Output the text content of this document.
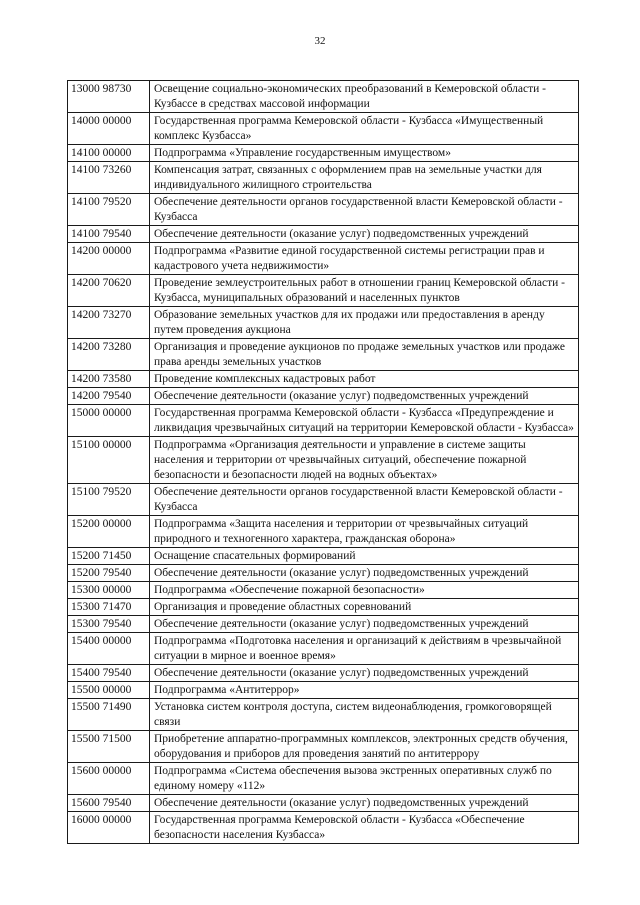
32
13000 98730	Освещение социально-экономических преобразований в Кемеровской области - Кузбассе в средствах массовой информации
14000 00000	Государственная программа Кемеровской области - Кузбасса «Имущественный комплекс Кузбасса»
14100 00000	Подпрограмма «Управление государственным имуществом»
14100 73260	Компенсация затрат, связанных с оформлением прав на земельные участки для индивидуального жилищного строительства
14100 79520	Обеспечение деятельности органов государственной власти Кемеровской области - Кузбасса
14100 79540	Обеспечение деятельности (оказание услуг) подведомственных учреждений
14200 00000	Подпрограмма «Развитие единой государственной системы регистрации прав и кадастрового учета недвижимости»
14200 70620	Проведение землеустроительных работ в отношении границ Кемеровской области - Кузбасса, муниципальных образований и населенных пунктов
14200 73270	Образование земельных участков для их продажи или предоставления в аренду путем проведения аукциона
14200 73280	Организация и проведение аукционов по продаже земельных участков или продаже права аренды земельных участков
14200 73580	Проведение комплексных кадастровых работ
14200 79540	Обеспечение деятельности (оказание услуг) подведомственных учреждений
15000 00000	Государственная программа Кемеровской области - Кузбасса «Предупреждение и ликвидация чрезвычайных ситуаций на территории Кемеровской области - Кузбасса»
15100 00000	Подпрограмма «Организация деятельности и управление в системе защиты населения и территории от чрезвычайных ситуаций, обеспечение пожарной безопасности и безопасности людей на водных объектах»
15100 79520	Обеспечение деятельности органов государственной власти Кемеровской области - Кузбасса
15200 00000	Подпрограмма «Защита населения и территории от чрезвычайных ситуаций природного и техногенного характера, гражданская оборона»
15200 71450	Оснащение спасательных формирований
15200 79540	Обеспечение деятельности (оказание услуг) подведомственных учреждений
15300 00000	Подпрограмма «Обеспечение пожарной безопасности»
15300 71470	Организация и проведение областных соревнований
15300 79540	Обеспечение деятельности (оказание услуг) подведомственных учреждений
15400 00000	Подпрограмма «Подготовка населения и организаций к действиям в чрезвычайной ситуации в мирное и военное время»
15400 79540	Обеспечение деятельности (оказание услуг) подведомственных учреждений
15500 00000	Подпрограмма «Антитеррор»
15500 71490	Установка систем контроля доступа, систем видеонаблюдения, громкоговорящей связи
15500 71500	Приобретение аппаратно-программных комплексов, электронных средств обучения, оборудования и приборов для проведения занятий по антитеррору
15600 00000	Подпрограмма «Система обеспечения вызова экстренных оперативных служб по единому номеру «112»
15600 79540	Обеспечение деятельности (оказание услуг) подведомственных учреждений
16000 00000	Государственная программа Кемеровской области - Кузбасса «Обеспечение безопасности населения Кузбасса»
